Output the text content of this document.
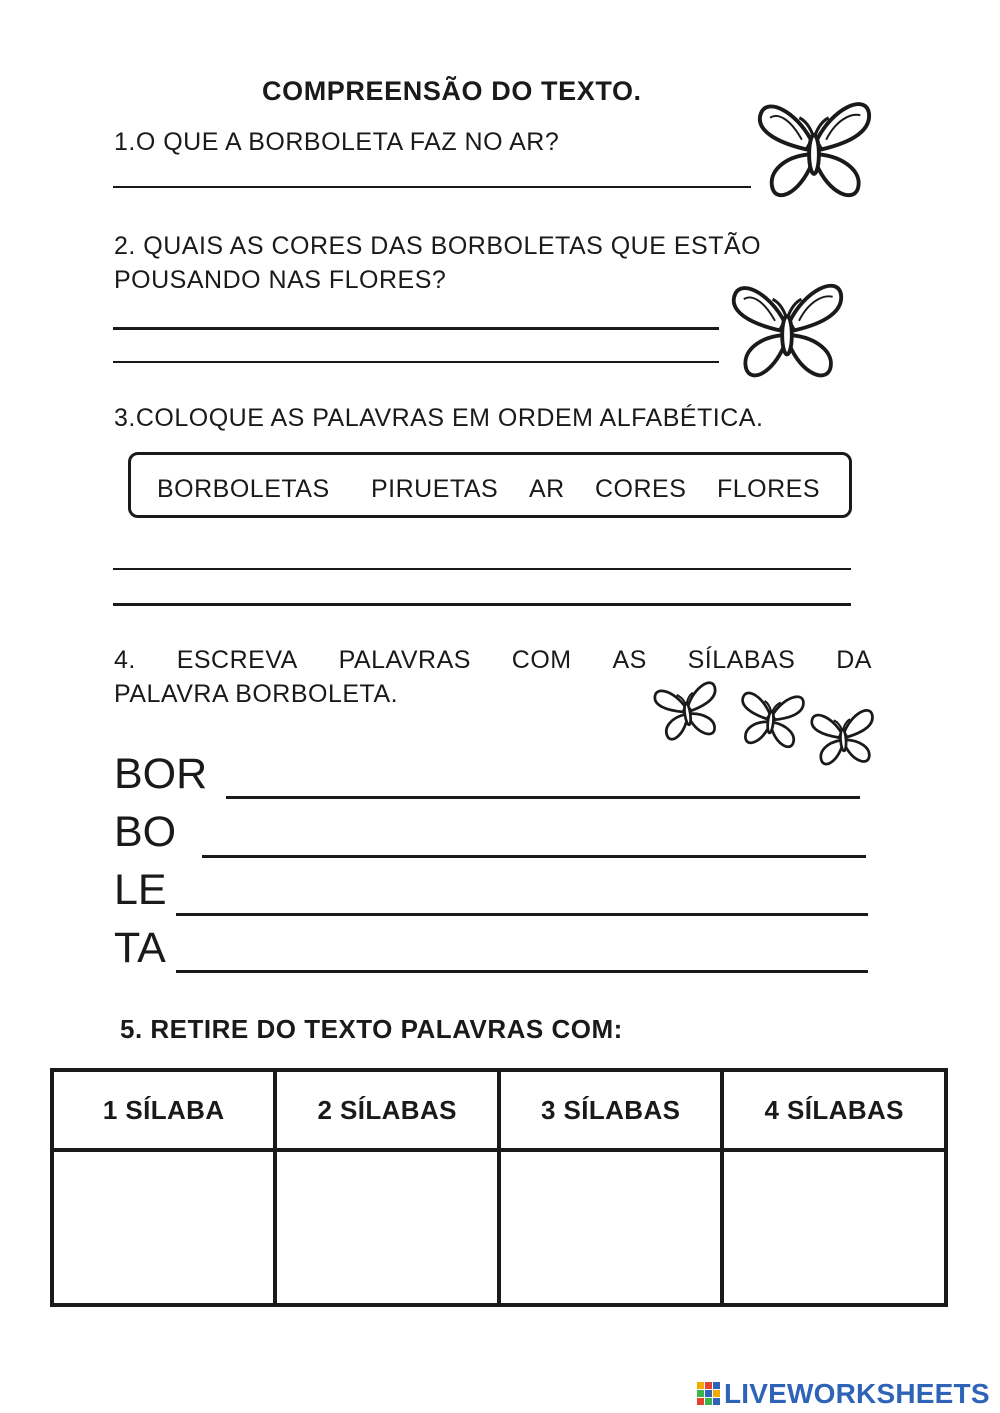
COMPREENSÃO DO TEXTO.
1.O QUE A BORBOLETA FAZ NO AR?
2. QUAIS AS CORES DAS BORBOLETAS QUE ESTÃO
POUSANDO NAS FLORES?
3.COLOQUE AS PALAVRAS EM ORDEM ALFABÉTICA.
BORBOLETAS PIRUETAS AR CORES FLORES
4. ESCREVA PALAVRAS COM AS SÍLABAS DA
PALAVRA BORBOLETA.
BOR
BO
LE
TA
5. RETIRE DO TEXTO PALAVRAS COM:
1 SÍLABA	2 SÍLABAS	3 SÍLABAS	4 SÍLABAS

LIVEWORKSHEETS
